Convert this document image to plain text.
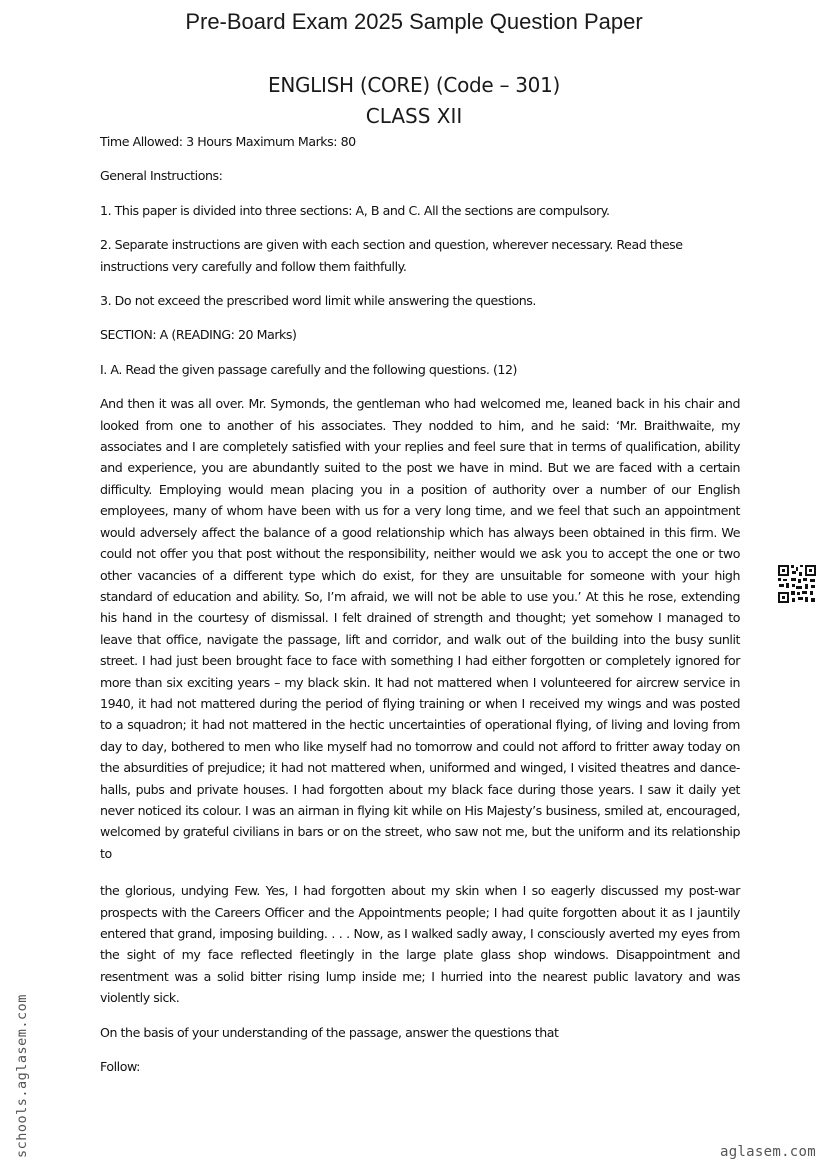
Pre-Board Exam 2025 Sample Question Paper
ENGLISH (CORE) (Code – 301)
CLASS XII

Time Allowed: 3 Hours Maximum Marks: 80

General Instructions:

1. This paper is divided into three sections: A, B and C. All the sections are compulsory.

2. Separate instructions are given with each section and question, wherever necessary. Read these instructions very carefully and follow them faithfully.

3. Do not exceed the prescribed word limit while answering the questions.

SECTION: A (READING: 20 Marks)

I. A. Read the given passage carefully and the following questions. (12)

And then it was all over. Mr. Symonds, the gentleman who had welcomed me, leaned back in his chair and looked from one to another of his associates. They nodded to him, and he said: ‘Mr. Braithwaite, my associates and I are completely satisfied with your replies and feel sure that in terms of qualification, ability and experience, you are abundantly suited to the post we have in mind. But we are faced with a certain difficulty. Employing would mean placing you in a position of authority over a number of our English employees, many of whom have been with us for a very long time, and we feel that such an appointment would adversely affect the balance of a good relationship which has always been obtained in this firm. We could not offer you that post without the responsibility, neither would we ask you to accept the one or two other vacancies of a different type which do exist, for they are unsuitable for someone with your high standard of education and ability. So, I’m afraid, we will not be able to use you.’ At this he rose, extending his hand in the courtesy of dismissal. I felt drained of strength and thought; yet somehow I managed to leave that office, navigate the passage, lift and corridor, and walk out of the building into the busy sunlit street. I had just been brought face to face with something I had either forgotten or completely ignored for more than six exciting years – my black skin. It had not mattered when I volunteered for aircrew service in 1940, it had not mattered during the period of flying training or when I received my wings and was posted to a squadron; it had not mattered in the hectic uncertainties of operational flying, of living and loving from day to day, bothered to men who like myself had no tomorrow and could not afford to fritter away today on the absurdities of prejudice; it had not mattered when, uniformed and winged, I visited theatres and dance-halls, pubs and private houses. I had forgotten about my black face during those years. I saw it daily yet never noticed its colour. I was an airman in flying kit while on His Majesty’s business, smiled at, encouraged, welcomed by grateful civilians in bars or on the street, who saw not me, but the uniform and its relationship to

the glorious, undying Few. Yes, I had forgotten about my skin when I so eagerly discussed my post-war prospects with the Careers Officer and the Appointments people; I had quite forgotten about it as I jauntily entered that grand, imposing building. . . . Now, as I walked sadly away, I consciously averted my eyes from the sight of my face reflected fleetingly in the large plate glass shop windows. Disappointment and resentment was a solid bitter rising lump inside me; I hurried into the nearest public lavatory and was violently sick.

On the basis of your understanding of the passage, answer the questions that

Follow:

schools.aglasem.com	aglasem.com
